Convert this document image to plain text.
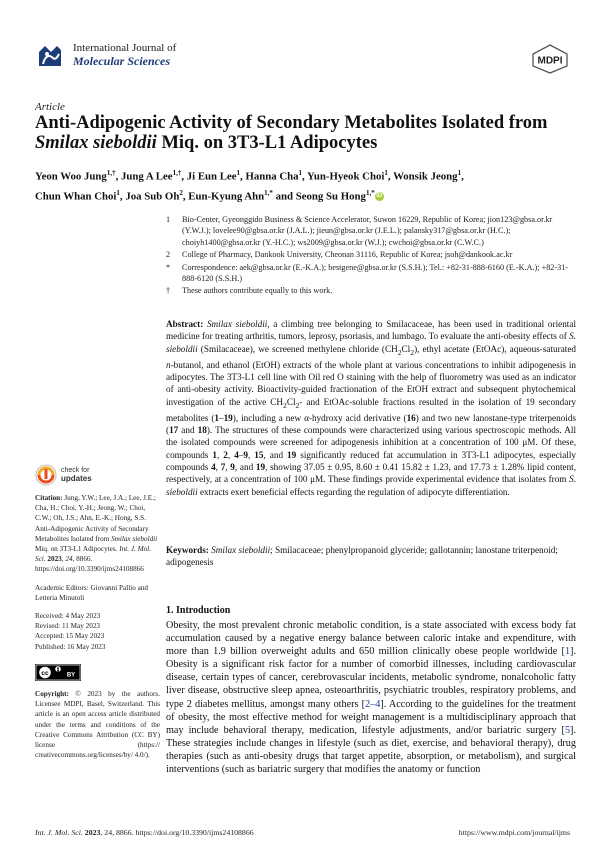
International Journal of
Molecular Sciences	MDPI
Article
Anti-Adipogenic Activity of Secondary Metabolites Isolated from Smilax sieboldii Miq. on 3T3-L1 Adipocytes
Yeon Woo Jung$^{1,\dagger}$, Jung A Lee$^{1,\dagger}$, Ji Eun Lee$^1$, Hanna Cha$^1$, Yun-Hyeok Choi$^1$, Wonsik Jeong$^1$,
Chun Whan Choi$^1$, Joa Sub Oh$^2$, Eun-Kyung Ahn$^{1,*}$ and Seong Su Hong$^{1,*}$ iD
1 Bio-Center, Gyeonggido Business & Science Accelerator, Suwon 16229, Republic of Korea; jion123@gbsa.or.kr (Y.W.J.); lovelee90@gbsa.or.kr (J.A.L.); jieun@gbsa.or.kr (J.E.L.); palansky317@gbsa.or.kr (H.C.); choiyh1400@gbsa.or.kr (Y.-H.C.); ws2009@gbsa.or.kr (W.J.); cwchoi@gbsa.or.kr (C.W.C.)
2 College of Pharmacy, Dankook University, Cheonan 31116, Republic of Korea; jsoh@dankook.ac.kr
* Correspondence: aek@gbsa.or.kr (E.-K.A.); bestgene@gbsa.or.kr (S.S.H.); Tel.: +82-31-888-6160 (E.-K.A.); +82-31-888-6120 (S.S.H.)
† These authors contribute equally to this work.
Abstract: Smilax sieboldii, a climbing tree belonging to Smilacaceae, has been used in traditional oriental medicine for treating arthritis, tumors, leprosy, psoriasis, and lumbago. To evaluate the anti-obesity effects of S. sieboldii (Smilacaceae), we screened methylene chloride $(CH_2Cl_2)$, ethyl acetate (EtOAc), aqueous-saturated n-butanol, and ethanol (EtOH) extracts of the whole plant at various concentrations to inhibit adipogenesis in adipocytes. The 3T3-L1 cell line with Oil red O staining with the help of fluorometry was used as an indicator of anti-obesity activity. Bioactivity-guided fractionation of the EtOH extract and subsequent phytochemical investigation of the active $CH_2Cl_2-$ and EtOAc-soluble fractions resulted in the isolation of 19 secondary metabolites (1–19), including a new α-hydroxy acid derivative (16) and two new lanostane-type triterpenoids (17 and 18). The structures of these compounds were characterized using various spectroscopic methods. All the isolated compounds were screened for adipogenesis inhibition at a concentration of 100 μM. Of these, compounds 1, 2, 4–9, 15, and 19 significantly reduced fat accumulation in 3T3-L1 adipocytes, especially compounds 4, 7, 9, and 19, showing 37.05 ± 0.95, 8.60 ± 0.41 15.82 ± 1.23, and 17.73 ± 1.28% lipid content, respectively, at a concentration of 100 μM. These findings provide experimental evidence that isolates from S. sieboldii extracts exert beneficial effects regarding the regulation of adipocyte differentiation.
Keywords: Smilax sieboldii; Smilacaceae; phenylpropanoid glyceride; gallotannin; lanostane triterpenoid; adipogenesis
check for
updates
Citation: Jung, Y.W.; Lee, J.A.; Lee, J.E.; Cha, H.; Choi, Y.-H.; Jeong, W.; Choi, C.W.; Oh, J.S.; Ahn, E.-K.; Hong, S.S. Anti-Adipogenic Activity of Secondary Metabolites Isolated from Smilax sieboldii Miq. on 3T3-L1 Adipocytes. Int. J. Mol. Sci. 2023, 24, 8866. https://doi.org/10.3390/ijms24108866
Academic Editors: Giovanni Pallio and Letteria Minutoli
Received: 4 May 2023
Revised: 11 May 2023
Accepted: 15 May 2023
Published: 16 May 2023
cc	BY
Copyright: © 2023 by the authors. Licensee MDPI, Basel, Switzerland. This article is an open access article distributed under the terms and conditions of the Creative Commons Attribution (CC BY) license (https:// creativecommons.org/licenses/by/ 4.0/).
1. Introduction
Obesity, the most prevalent chronic metabolic condition, is a state associated with excess body fat accumulation caused by a negative energy balance between caloric intake and expenditure, with more than 1.9 billion overweight adults and 650 million clinically obese people worldwide [1]. Obesity is a significant risk factor for a number of comorbid illnesses, including cardiovascular disease, certain types of cancer, cerebrovascular incidents, metabolic syndrome, nonalcoholic fatty liver disease, obstructive sleep apnea, osteoarthritis, psychiatric troubles, respiratory problems, and type 2 diabetes mellitus, amongst many others [2–4]. According to the guidelines for the treatment of obesity, the most effective method for weight management is a multidisciplinary approach that may include behavioral therapy, medication, lifestyle adjustments, and/or bariatric surgery [5]. These strategies include changes in lifestyle (such as diet, exercise, and behavioral therapy), drug therapies (such as anti-obesity drugs that target appetite, absorption, or metabolism), and surgical interventions (such as bariatric surgery that modifies the anatomy or function
Int. J. Mol. Sci. 2023, 24, 8866. https://doi.org/10.3390/ijms24108866	https://www.mdpi.com/journal/ijms
